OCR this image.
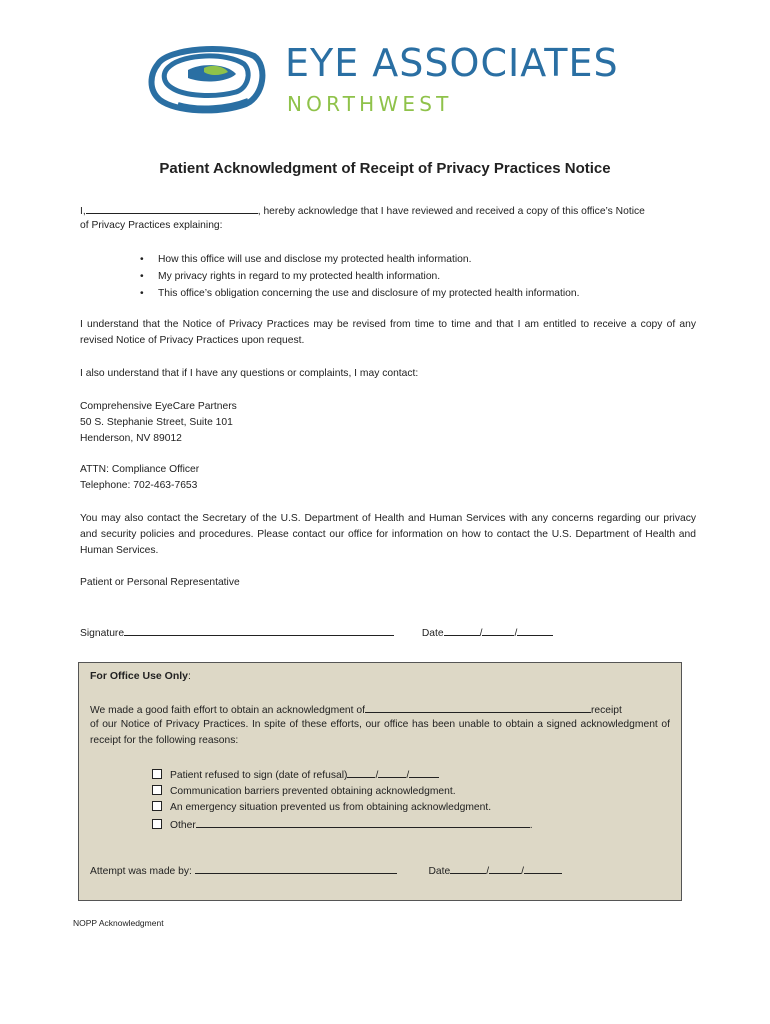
EYE ASSOCIATES
NORTHWEST
Patient Acknowledgment of Receipt of Privacy Practices Notice
I,	, hereby acknowledge that I have reviewed and received a copy of this office’s Notice
of Privacy Practices explaining:
• How this office will use and disclose my protected health information.
• My privacy rights in regard to my protected health information.
• This office’s obligation concerning the use and disclosure of my protected health information.
I understand that the Notice of Privacy Practices may be revised from time to time and that I am entitled to receive a copy of any revised Notice of Privacy Practices upon request.
I also understand that if I have any questions or complaints, I may contact:
Comprehensive EyeCare Partners
50 S. Stephanie Street, Suite 101
Henderson, NV 89012
ATTN: Compliance Officer
Telephone: 702-463-7653
You may also contact the Secretary of the U.S. Department of Health and Human Services with any concerns regarding our privacy and security policies and procedures. Please contact our office for information on how to contact the U.S. Department of Health and Human Services.
Patient or Personal Representative
Signature	Date	/	/
For Office Use Only:
We made a good faith effort to obtain an acknowledgment of	receipt
of our Notice of Privacy Practices. In spite of these efforts, our office has been unable to obtain a signed acknowledgment of receipt for the following reasons:
Patient refused to sign (date of refusal)	/	/
Communication barriers prevented obtaining acknowledgment.
An emergency situation prevented us from obtaining acknowledgment.
Other	.
Attempt was made by:	Date	/	/
NOPP Acknowledgment
